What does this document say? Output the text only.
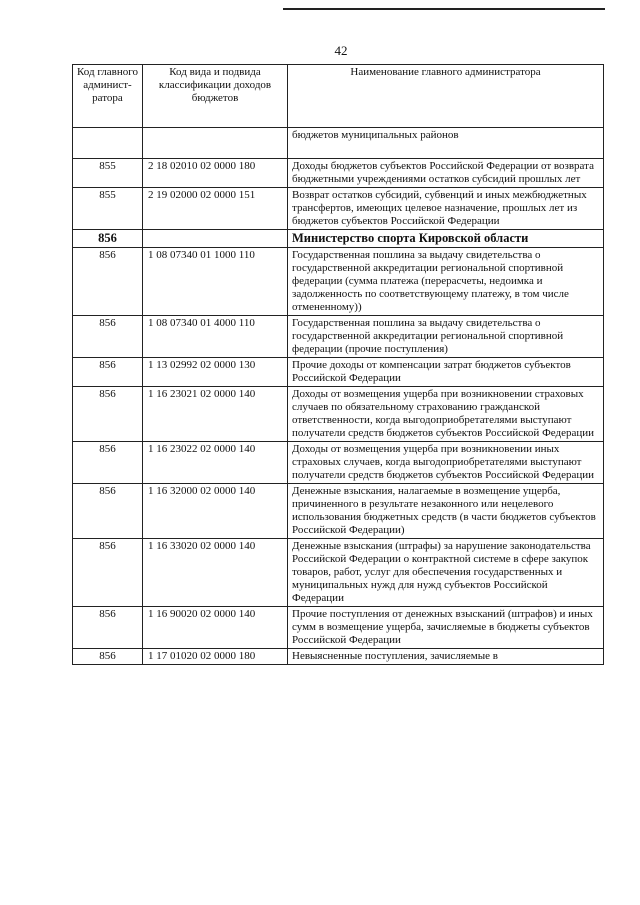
42
Код главного админист-ратора	Код вида и подвида классификации доходов бюджетов	Наименование главного администратора
		бюджетов муниципальных районов
855	2 18 02010 02 0000 180	Доходы бюджетов субъектов Российской Федерации от возврата бюджетными учреждениями остатков субсидий прошлых лет
855	2 19 02000 02 0000 151	Возврат остатков субсидий, субвенций и иных межбюджетных трансфертов, имеющих целевое назначение, прошлых лет из бюджетов субъектов Российской Федерации
856		Министерство спорта Кировской области
856	1 08 07340 01 1000 110	Государственная пошлина за выдачу свидетельства о государственной аккредитации региональной спортивной федерации (сумма платежа (перерасчеты, недоимка и задолженность по соответствующему платежу, в том числе отмененному))
856	1 08 07340 01 4000 110	Государственная пошлина за выдачу свидетельства о государственной аккредитации региональной спортивной федерации (прочие поступления)
856	1 13 02992 02 0000 130	Прочие доходы от компенсации затрат бюджетов субъектов Российской Федерации
856	1 16 23021 02 0000 140	Доходы от возмещения ущерба при возникновении страховых случаев по обязательному страхованию гражданской ответственности, когда выгодоприобретателями выступают получатели средств бюджетов субъектов Российской Федерации
856	1 16 23022 02 0000 140	Доходы от возмещения ущерба при возникновении иных страховых случаев, когда выгодоприобретателями выступают получатели средств бюджетов субъектов Российской Федерации
856	1 16 32000 02 0000 140	Денежные взыскания, налагаемые в возмещение ущерба, причиненного в результате незаконного или нецелевого использования бюджетных средств (в части бюджетов субъектов Российской Федерации)
856	1 16 33020 02 0000 140	Денежные взыскания (штрафы) за нарушение законодательства Российской Федерации о контрактной системе в сфере закупок товаров, работ, услуг для обеспечения государственных и муниципальных нужд для нужд субъектов Российской Федерации
856	1 16 90020 02 0000 140	Прочие поступления от денежных взысканий (штрафов) и иных сумм в возмещение ущерба, зачисляемые в бюджеты субъектов Российской Федерации
856	1 17 01020 02 0000 180	Невыясненные поступления, зачисляемые в
